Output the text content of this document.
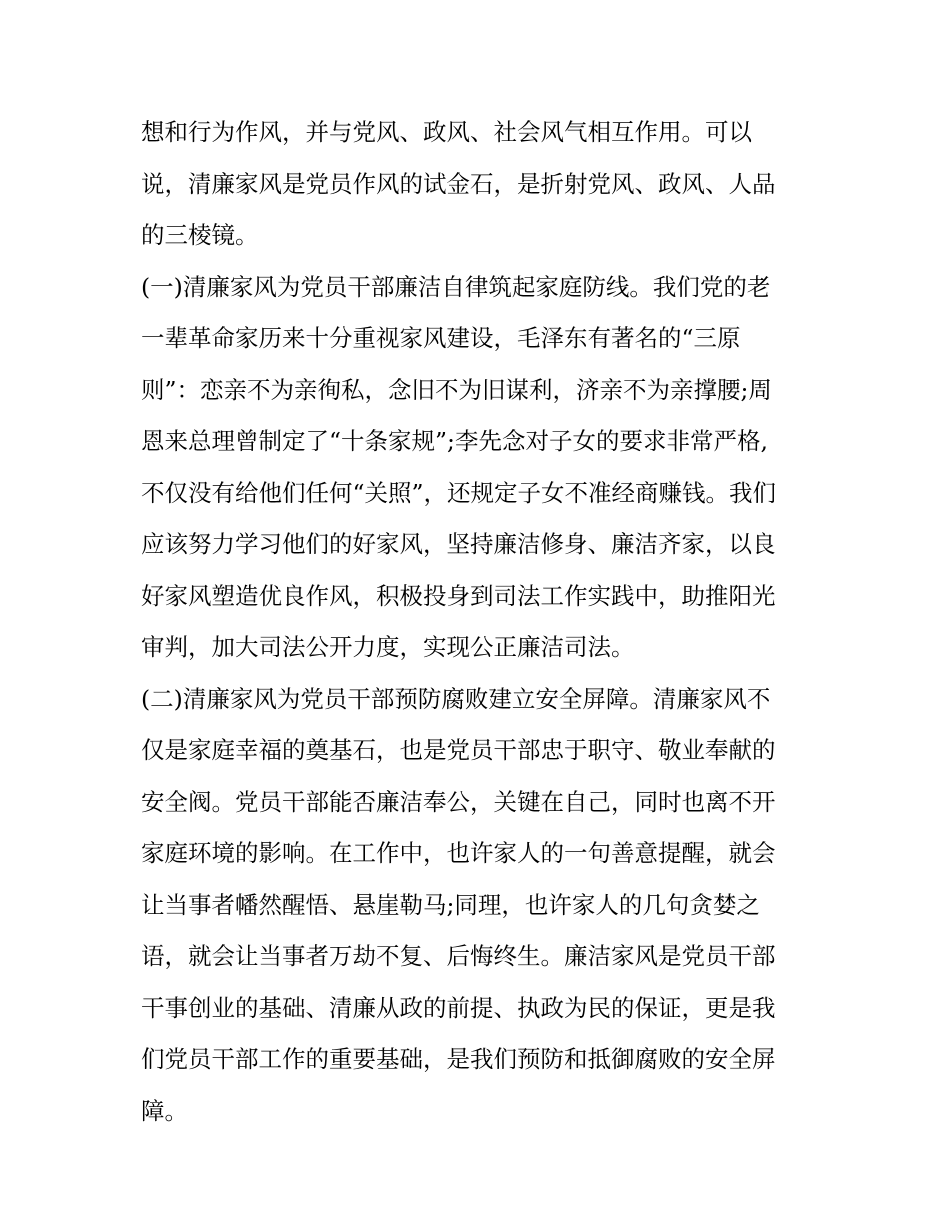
想和行为作风，并与党风、政风、社会风气相互作用。可以
说，清廉家风是党员作风的试金石，是折射党风、政风、人品
的三棱镜。
(一)清廉家风为党员干部廉洁自律筑起家庭防线。我们党的老
一辈革命家历来十分重视家风建设，毛泽东有著名的“三原
则”：恋亲不为亲徇私，念旧不为旧谋利，济亲不为亲撑腰;周
恩来总理曾制定了“十条家规”;李先念对子女的要求非常严格,
不仅没有给他们任何“关照”，还规定子女不准经商赚钱。我们
应该努力学习他们的好家风，坚持廉洁修身、廉洁齐家，以良
好家风塑造优良作风，积极投身到司法工作实践中，助推阳光
审判，加大司法公开力度，实现公正廉洁司法。
(二)清廉家风为党员干部预防腐败建立安全屏障。清廉家风不
仅是家庭幸福的奠基石，也是党员干部忠于职守、敬业奉献的
安全阀。党员干部能否廉洁奉公，关键在自己，同时也离不开
家庭环境的影响。在工作中，也许家人的一句善意提醒，就会
让当事者幡然醒悟、悬崖勒马;同理，也许家人的几句贪婪之
语，就会让当事者万劫不复、后悔终生。廉洁家风是党员干部
干事创业的基础、清廉从政的前提、执政为民的保证，更是我
们党员干部工作的重要基础，是我们预防和抵御腐败的安全屏
障。
